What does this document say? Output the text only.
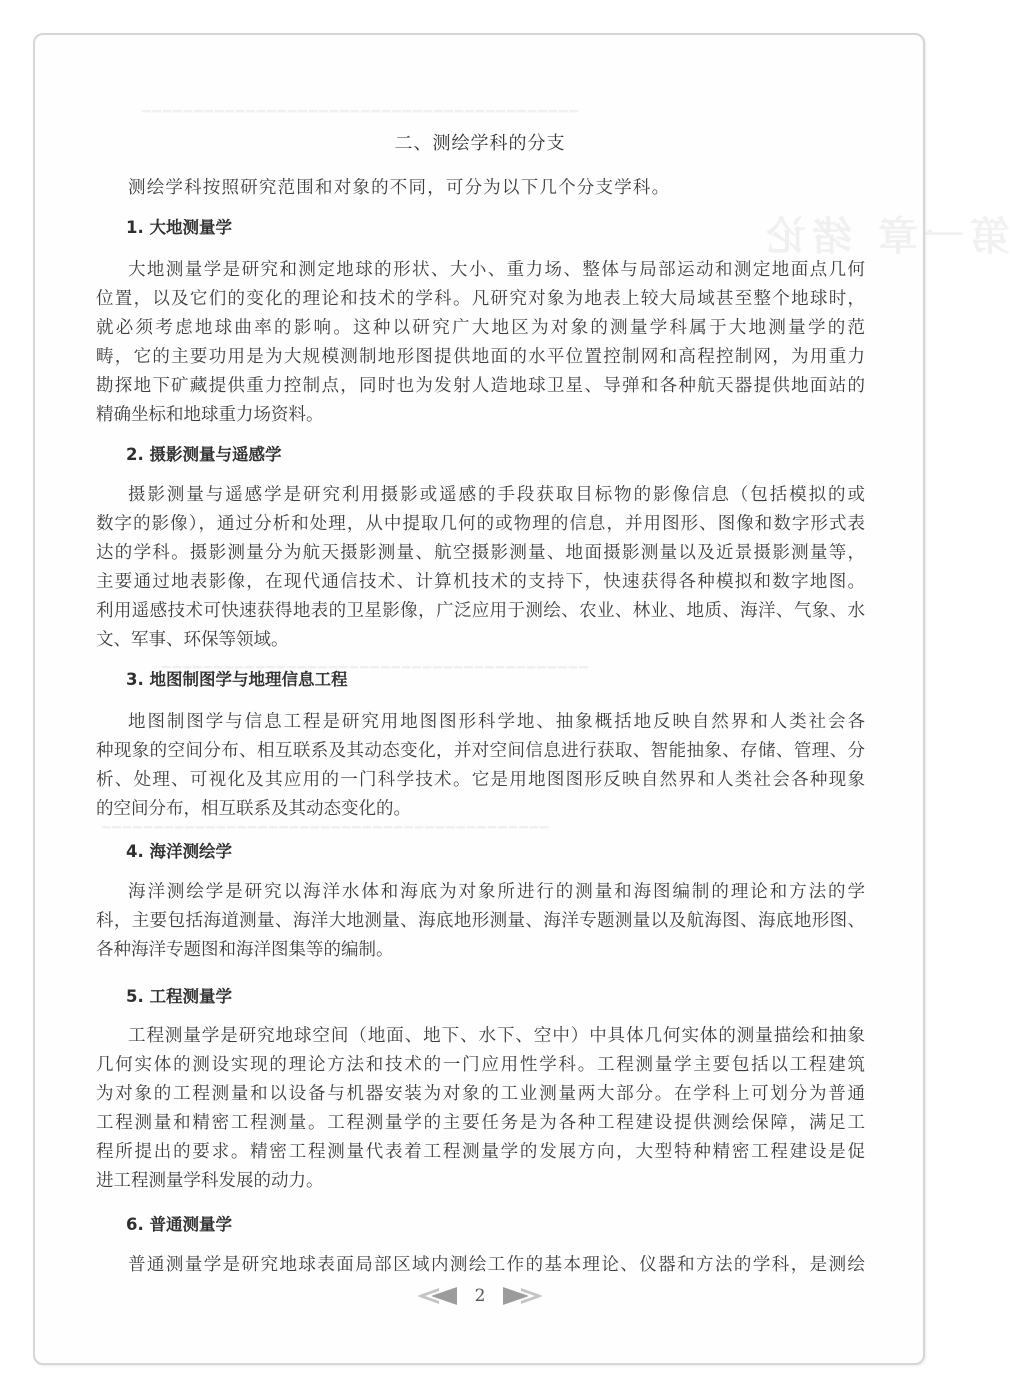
第一章
二、测绘学科的分支
测绘学科按照研究范围和对象的不同，可分为以下几个分支学科。
1. 大地测量学
大地测量学是研究和测定地球的形状、大小、重力场、整体与局部运动和测定地面点几何
位置，以及它们的变化的理论和技术的学科。凡研究对象为地表上较大局域甚至整个地球时，
就必须考虑地球曲率的影响。这种以研究广大地区为对象的测量学科属于大地测量学的范
畴，它的主要功用是为大规模测制地形图提供地面的水平位置控制网和高程控制网，为用重力
勘探地下矿藏提供重力控制点，同时也为发射人造地球卫星、导弹和各种航天器提供地面站的
精确坐标和地球重力场资料。
2. 摄影测量与遥感学
摄影测量与遥感学是研究利用摄影或遥感的手段获取目标物的影像信息（包括模拟的或
数字的影像），通过分析和处理，从中提取几何的或物理的信息，并用图形、图像和数字形式表
达的学科。摄影测量分为航天摄影测量、航空摄影测量、地面摄影测量以及近景摄影测量等，
主要通过地表影像，在现代通信技术、计算机技术的支持下，快速获得各种模拟和数字地图。
利用遥感技术可快速获得地表的卫星影像，广泛应用于测绘、农业、林业、地质、海洋、气象、水
文、军事、环保等领域。
3. 地图制图学与地理信息工程
地图制图学与信息工程是研究用地图图形科学地、抽象概括地反映自然界和人类社会各
种现象的空间分布、相互联系及其动态变化，并对空间信息进行获取、智能抽象、存储、管理、分
析、处理、可视化及其应用的一门科学技术。它是用地图图形反映自然界和人类社会各种现象
的空间分布，相互联系及其动态变化的。
4. 海洋测绘学
海洋测绘学是研究以海洋水体和海底为对象所进行的测量和海图编制的理论和方法的学
科，主要包括海道测量、海洋大地测量、海底地形测量、海洋专题测量以及航海图、海底地形图、
各种海洋专题图和海洋图集等的编制。
5. 工程测量学
工程测量学是研究地球空间（地面、地下、水下、空中）中具体几何实体的测量描绘和抽象
几何实体的测设实现的理论方法和技术的一门应用性学科。工程测量学主要包括以工程建筑
为对象的工程测量和以设备与机器安装为对象的工业测量两大部分。在学科上可划分为普通
工程测量和精密工程测量。工程测量学的主要任务是为各种工程建设提供测绘保障，满足工
程所提出的要求。精密工程测量代表着工程测量学的发展方向，大型特种精密工程建设是促
进工程测量学科发展的动力。
6. 普通测量学
普通测量学是研究地球表面局部区域内测绘工作的基本理论、仪器和方法的学科，是测绘
2
